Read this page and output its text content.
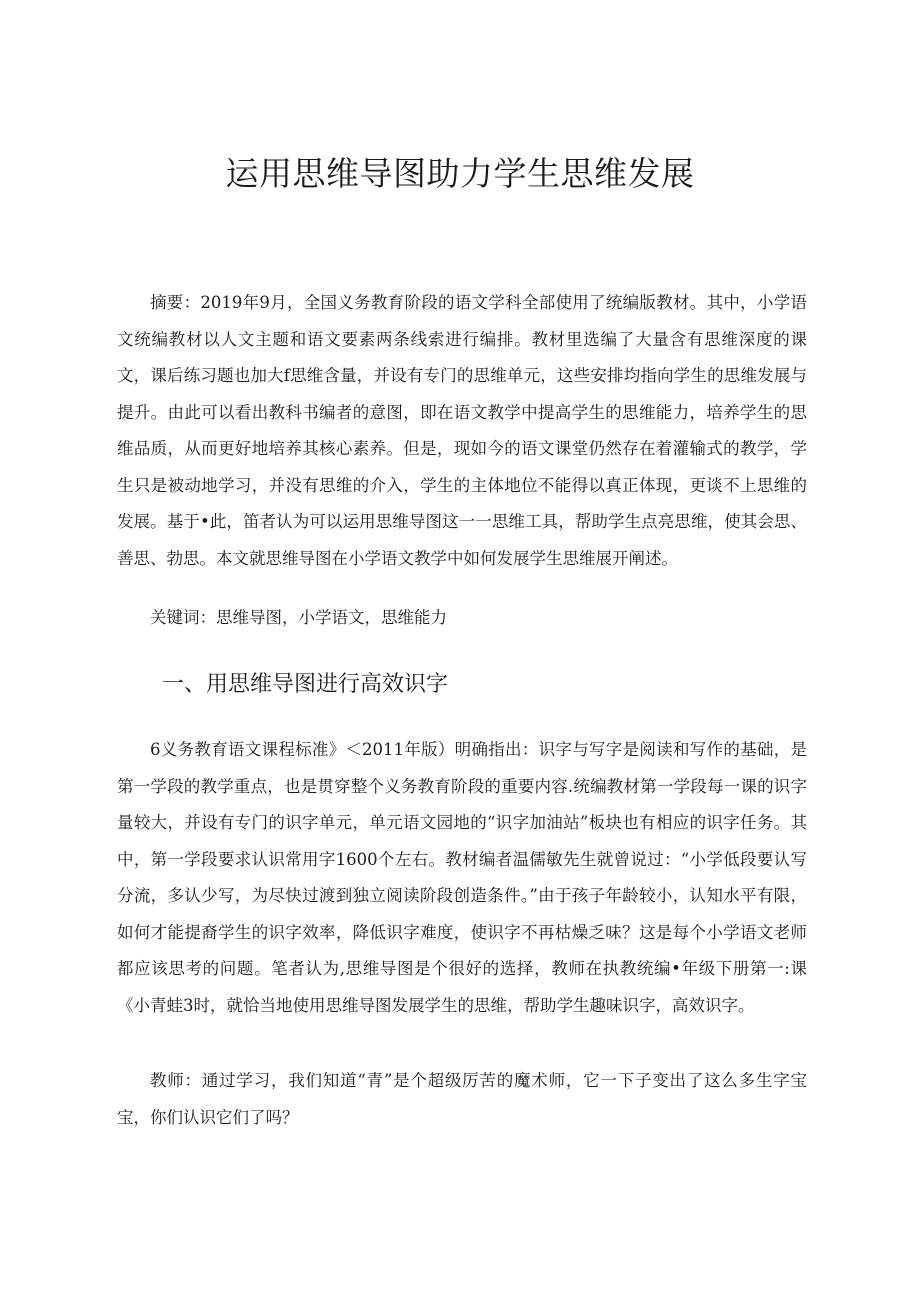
运用思维导图助力学生思维发展

摘要：2019年9月，全国义务教育阶段的语文学科全部使用了统编版教材。其中，小学语文统编教材以人文主题和语文要素两条线索进行编排。教材里选编了大量含有思维深度的课文，课后练习题也加大f思维含量，并设有专门的思维单元，这些安排均指向学生的思维发展与提升。由此可以看出教科书编者的意图，即在语文教学中提高学生的思维能力，培养学生的思维品质，从而更好地培养其核心素养。但是，现如今的语文课堂仍然存在着灌输式的教学，学生只是被动地学习，并没有思维的介入，学生的主体地位不能得以真正体现，更谈不上思维的发展。基于•此，笛者认为可以运用思维导图这一一思维工具，帮助学生点亮思维，使其会思、善思、勃思。本文就思维导图在小学语文教学中如何发展学生思维展开阐述。

关键词：思维导图，小学语文，思维能力

一、用思维导图进行高效识字

6义务教育语文课程标准》＜2011年版）明确指出：识字与写字是阅读和写作的基础，是第一学段的教学重点，也是贯穿整个义务教育阶段的重要内容.统编教材第一学段每一课的识字量较大，并设有专门的识字单元，单元语文园地的“识字加油站”板块也有相应的识字任务。其中，第一学段要求认识常用字1600个左右。教材编者温儒敏先生就曾说过：“小学低段要认写分流，多认少写，为尽快过渡到独立阅读阶段创造条件。”由于孩子年龄较小，认知水平有限，如何才能提裔学生的识字效率，降低识字难度，使识字不再枯燥乏味？这是每个小学语文老师都应该思考的问题。笔者认为,思维导图是个很好的选择，教师在执教统编•年级下册第一:课《小青蛙3时，就恰当地使用思维导图发展学生的思维，帮助学生趣味识字，高效识字。

教师：通过学习，我们知道“青”是个超级厉苦的魔术师，它一下子变出了这么多生字宝宝，你们认识它们了吗？
